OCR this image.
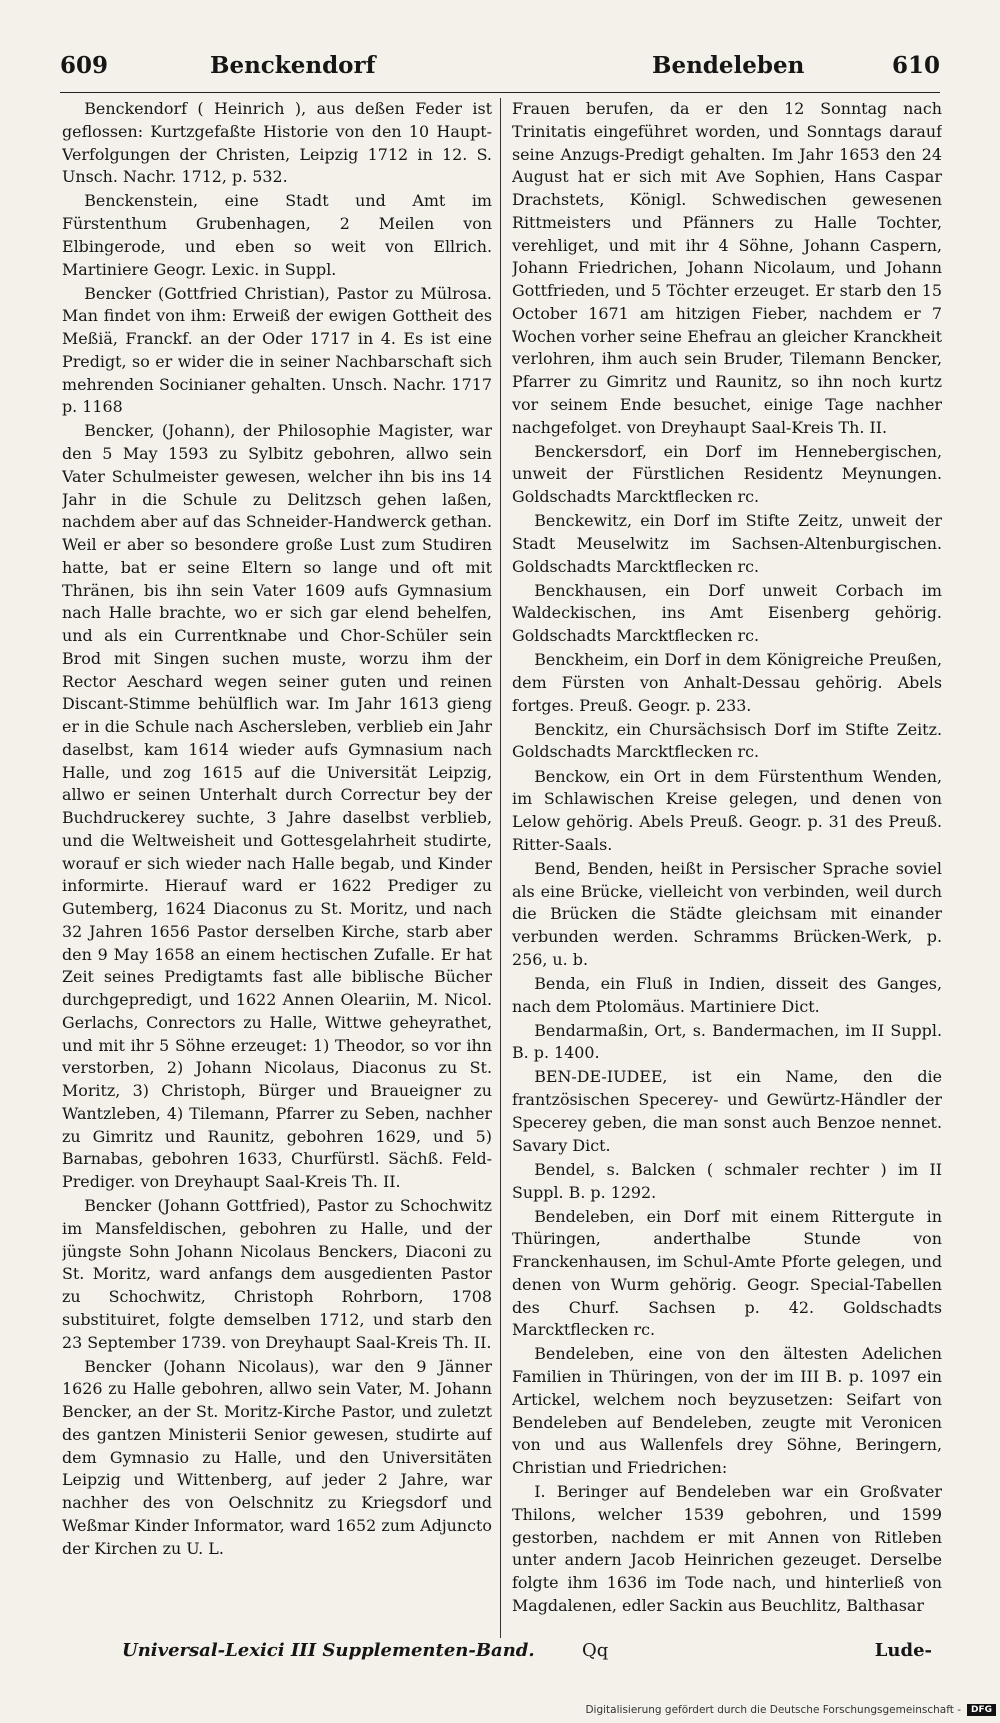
609	Benckendorf	Bendeleben	610

Benckendorf ( Heinrich ), aus deßen Feder ist geflossen: Kurtzgefaßte Historie von den 10 Haupt-Verfolgungen der Christen, Leipzig 1712 in 12. S. Unsch. Nachr. 1712, p. 532.

Benckenstein, eine Stadt und Amt im Fürstenthum Grubenhagen, 2 Meilen von Elbingerode, und eben so weit von Ellrich. Martiniere Geogr. Lexic. in Suppl.

Bencker (Gottfried Christian), Pastor zu Mülrosa. Man findet von ihm: Erweiß der ewigen Gottheit des Meßiä, Franckf. an der Oder 1717 in 4. Es ist eine Predigt, so er wider die in seiner Nachbarschaft sich mehrenden Socinianer gehalten. Unsch. Nachr. 1717 p. 1168

Bencker, (Johann), der Philosophie Magister, war den 5 May 1593 zu Sylbitz gebohren, allwo sein Vater Schulmeister gewesen, welcher ihn bis ins 14 Jahr in die Schule zu Delitzsch gehen laßen, nachdem aber auf das Schneider-Handwerck gethan. Weil er aber so besondere große Lust zum Studiren hatte, bat er seine Eltern so lange und oft mit Thränen, bis ihn sein Vater 1609 aufs Gymnasium nach Halle brachte, wo er sich gar elend behelfen, und als ein Currentknabe und Chor-Schüler sein Brod mit Singen suchen muste, worzu ihm der Rector Aeschard wegen seiner guten und reinen Discant-Stimme behülflich war. Im Jahr 1613 gieng er in die Schule nach Aschersleben, verblieb ein Jahr daselbst, kam 1614 wieder aufs Gymnasium nach Halle, und zog 1615 auf die Universität Leipzig, allwo er seinen Unterhalt durch Correctur bey der Buchdruckerey suchte, 3 Jahre daselbst verblieb, und die Weltweisheit und Gottesgelahrheit studirte, worauf er sich wieder nach Halle begab, und Kinder informirte. Hierauf ward er 1622 Prediger zu Gutemberg, 1624 Diaconus zu St. Moritz, und nach 32 Jahren 1656 Pastor derselben Kirche, starb aber den 9 May 1658 an einem hectischen Zufalle. Er hat Zeit seines Predigtamts fast alle biblische Bücher durchgepredigt, und 1622 Annen Oleariin, M. Nicol. Gerlachs, Conrectors zu Halle, Wittwe geheyrathet, und mit ihr 5 Söhne erzeuget: 1) Theodor, so vor ihn verstorben, 2) Johann Nicolaus, Diaconus zu St. Moritz, 3) Christoph, Bürger und Braueigner zu Wantzleben, 4) Tilemann, Pfarrer zu Seben, nachher zu Gimritz und Raunitz, gebohren 1629, und 5) Barnabas, gebohren 1633, Churfürstl. Sächß. Feld-Prediger. von Dreyhaupt Saal-Kreis Th. II.

Bencker (Johann Gottfried), Pastor zu Schochwitz im Mansfeldischen, gebohren zu Halle, und der jüngste Sohn Johann Nicolaus Benckers, Diaconi zu St. Moritz, ward anfangs dem ausgedienten Pastor zu Schochwitz, Christoph Rohrborn, 1708 substituiret, folgte demselben 1712, und starb den 23 September 1739. von Dreyhaupt Saal-Kreis Th. II.

Bencker (Johann Nicolaus), war den 9 Jänner 1626 zu Halle gebohren, allwo sein Vater, M. Johann Bencker, an der St. Moritz-Kirche Pastor, und zuletzt des gantzen Ministerii Senior gewesen, studirte auf dem Gymnasio zu Halle, und den Universitäten Leipzig und Wittenberg, auf jeder 2 Jahre, war nachher des von Oelschnitz zu Kriegsdorf und Weßmar Kinder Informator, ward 1652 zum Adjuncto der Kirchen zu U. L.

Frauen berufen, da er den 12 Sonntag nach Trinitatis eingeführet worden, und Sonntags darauf seine Anzugs-Predigt gehalten. Im Jahr 1653 den 24 August hat er sich mit Ave Sophien, Hans Caspar Drachstets, Königl. Schwedischen gewesenen Rittmeisters und Pfänners zu Halle Tochter, verehliget, und mit ihr 4 Söhne, Johann Caspern, Johann Friedrichen, Johann Nicolaum, und Johann Gottfrieden, und 5 Töchter erzeuget. Er starb den 15 October 1671 am hitzigen Fieber, nachdem er 7 Wochen vorher seine Ehefrau an gleicher Kranckheit verlohren, ihm auch sein Bruder, Tilemann Bencker, Pfarrer zu Gimritz und Raunitz, so ihn noch kurtz vor seinem Ende besuchet, einige Tage nachher nachgefolget. von Dreyhaupt Saal-Kreis Th. II.

Benckersdorf, ein Dorf im Hennebergischen, unweit der Fürstlichen Residentz Meynungen. Goldschadts Marcktflecken rc.

Benckewitz, ein Dorf im Stifte Zeitz, unweit der Stadt Meuselwitz im Sachsen-Altenburgischen. Goldschadts Marcktflecken rc.

Benckhausen, ein Dorf unweit Corbach im Waldeckischen, ins Amt Eisenberg gehörig. Goldschadts Marcktflecken rc.

Benckheim, ein Dorf in dem Königreiche Preußen, dem Fürsten von Anhalt-Dessau gehörig. Abels fortges. Preuß. Geogr. p. 233.

Benckitz, ein Chursächsisch Dorf im Stifte Zeitz. Goldschadts Marcktflecken rc.

Benckow, ein Ort in dem Fürstenthum Wenden, im Schlawischen Kreise gelegen, und denen von Lelow gehörig. Abels Preuß. Geogr. p. 31 des Preuß. Ritter-Saals.

Bend, Benden, heißt in Persischer Sprache soviel als eine Brücke, vielleicht von verbinden, weil durch die Brücken die Städte gleichsam mit einander verbunden werden. Schramms Brücken-Werk, p. 256, u. b.

Benda, ein Fluß in Indien, disseit des Ganges, nach dem Ptolomäus. Martiniere Dict.

Bendarmaßin, Ort, s. Bandermachen, im II Suppl. B. p. 1400.

BEN-DE-IUDEE, ist ein Name, den die frantzösischen Specerey- und Gewürtz-Händler der Specerey geben, die man sonst auch Benzoe nennet. Savary Dict.

Bendel, s. Balcken ( schmaler rechter ) im II Suppl. B. p. 1292.

Bendeleben, ein Dorf mit einem Rittergute in Thüringen, anderthalbe Stunde von Franckenhausen, im Schul-Amte Pforte gelegen, und denen von Wurm gehörig. Geogr. Special-Tabellen des Churf. Sachsen p. 42. Goldschadts Marcktflecken rc.

Bendeleben, eine von den ältesten Adelichen Familien in Thüringen, von der im III B. p. 1097 ein Artickel, welchem noch beyzusetzen: Seifart von Bendeleben auf Bendeleben, zeugte mit Veronicen von und aus Wallenfels drey Söhne, Beringern, Christian und Friedrichen:

I. Beringer auf Bendeleben war ein Großvater Thilons, welcher 1539 gebohren, und 1599 gestorben, nachdem er mit Annen von Ritleben unter andern Jacob Heinrichen gezeuget. Derselbe folgte ihm 1636 im Tode nach, und hinterließ von Magdalenen, edler Sackin aus Beuchlitz, Balthasar

Universal-Lexici III Supplementen-Band.	Qq	Lude-
Digitalisierung gefördert durch die Deutsche Forschungsgemeinschaft -	DFG
